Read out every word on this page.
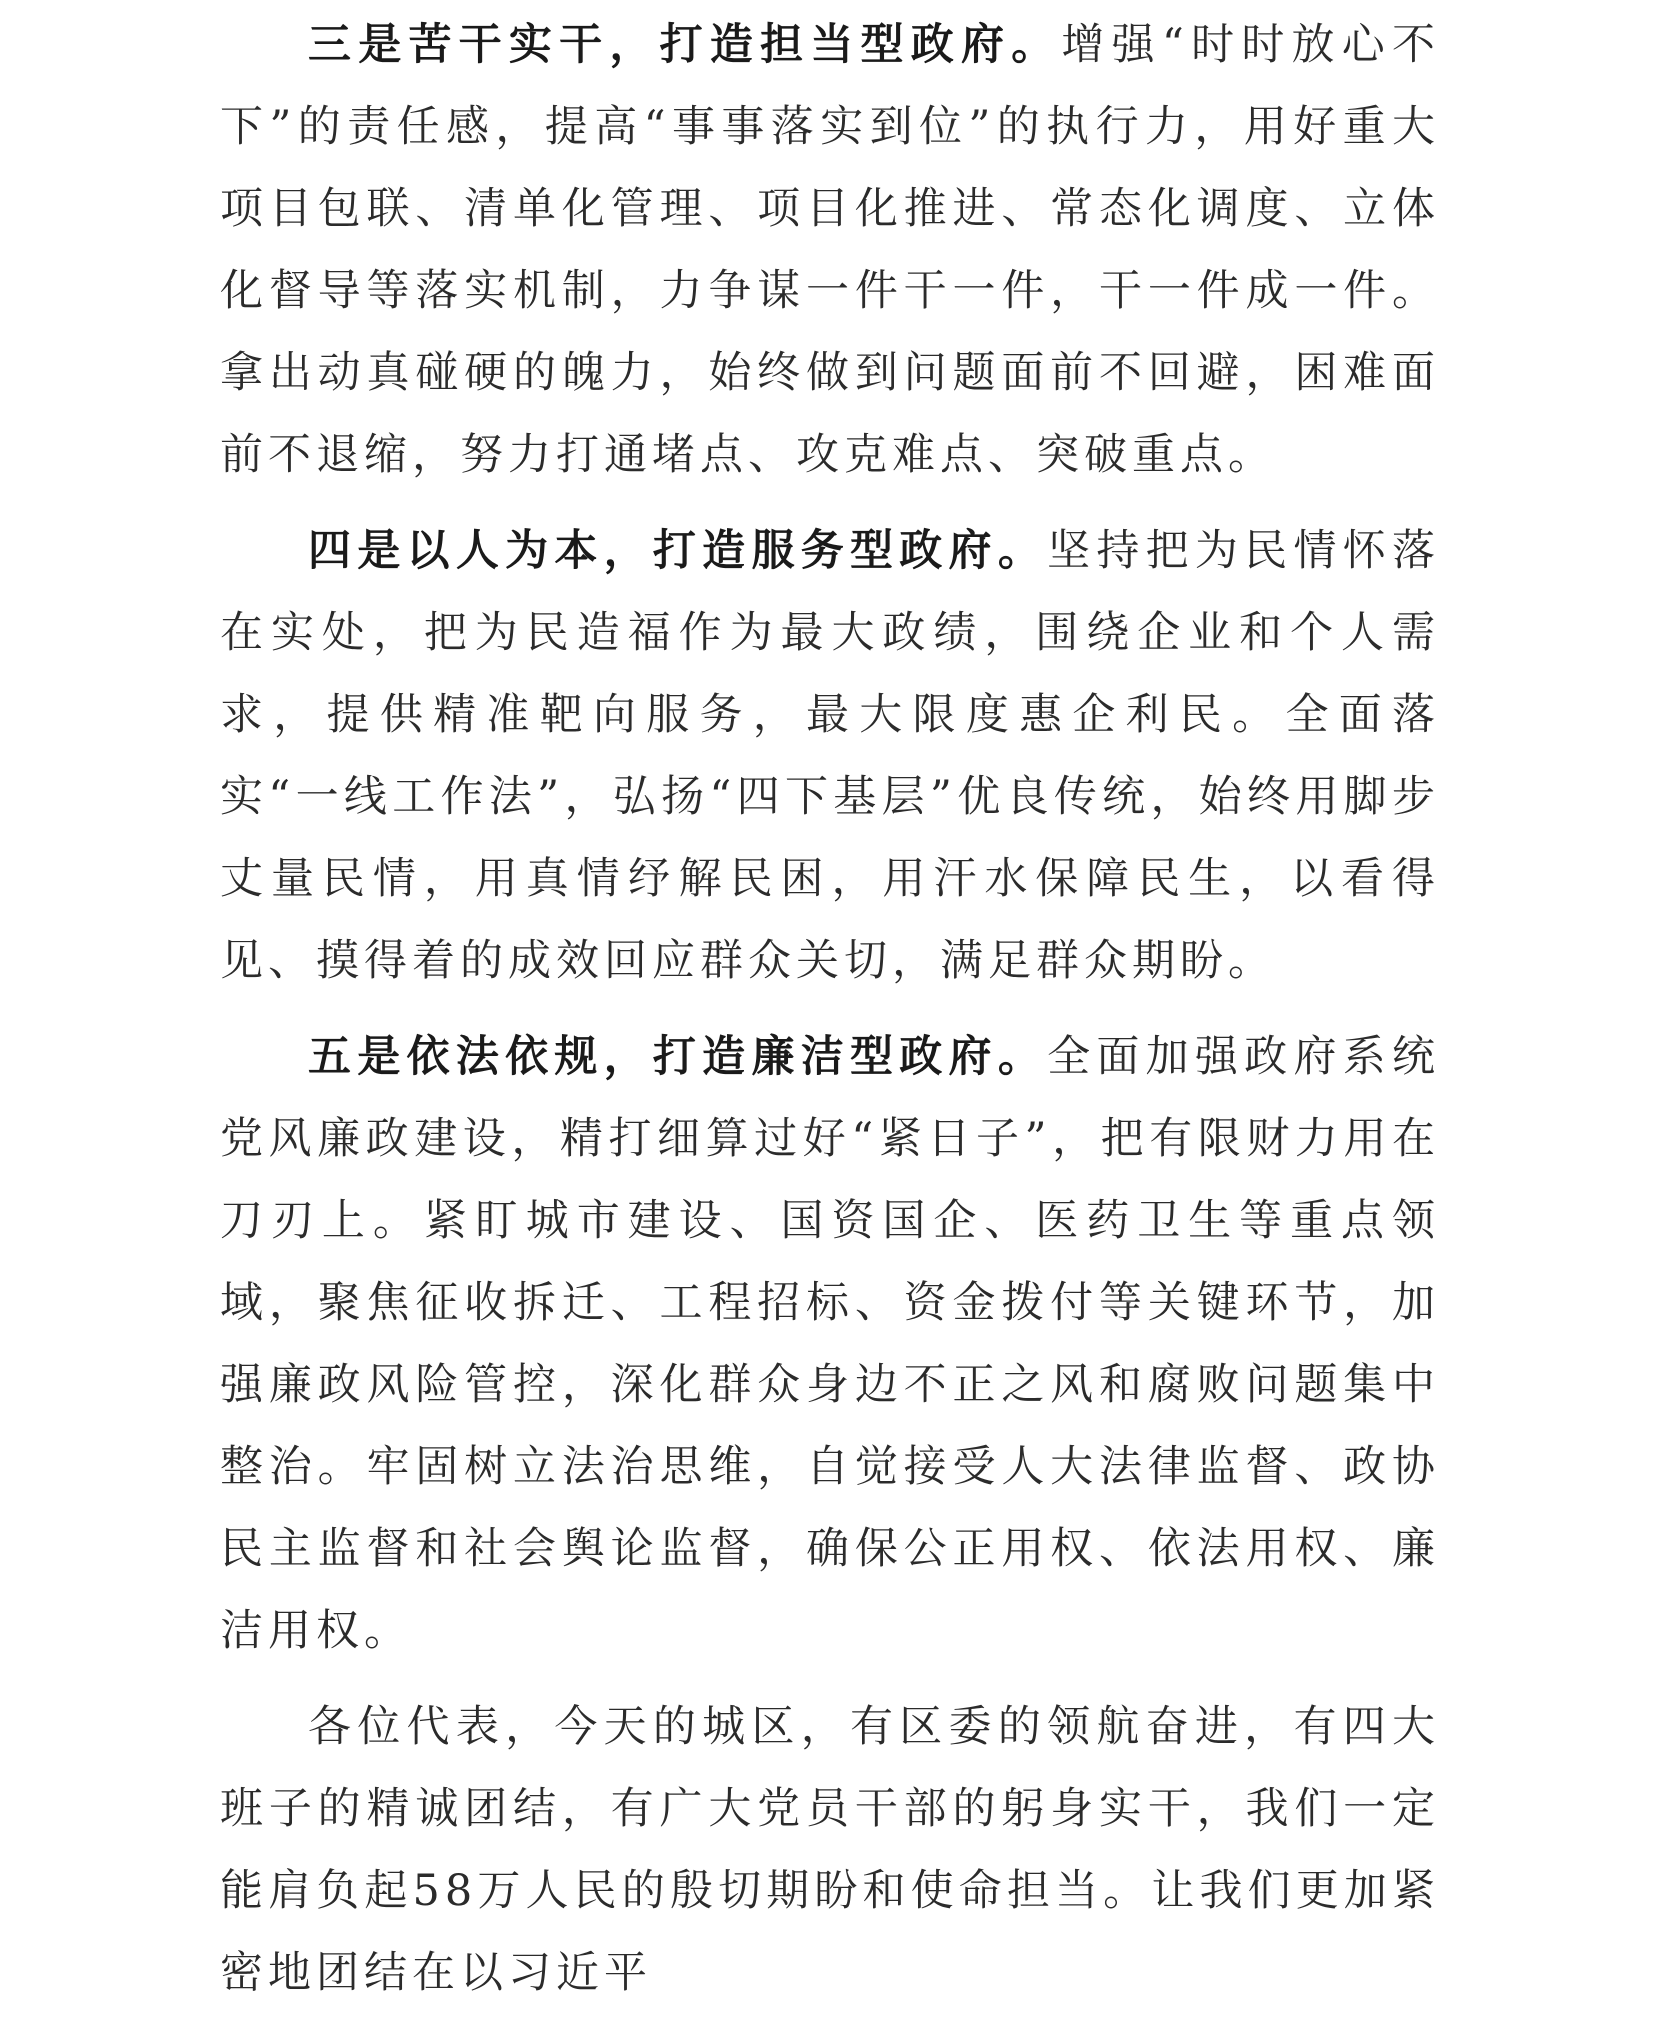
三是苦干实干，打造担当型政府。增强“时时放心不下”的责任感，提高“事事落实到位”的执行力，用好重大项目包联、清单化管理、项目化推进、常态化调度、立体化督导等落实机制，力争谋一件干一件，干一件成一件。拿出动真碰硬的魄力，始终做到问题面前不回避，困难面前不退缩，努力打通堵点、攻克难点、突破重点。

四是以人为本，打造服务型政府。坚持把为民情怀落在实处，把为民造福作为最大政绩，围绕企业和个人需求，提供精准靶向服务，最大限度惠企利民。全面落实“一线工作法”，弘扬“四下基层”优良传统，始终用脚步丈量民情，用真情纾解民困，用汗水保障民生，以看得见、摸得着的成效回应群众关切，满足群众期盼。

五是依法依规，打造廉洁型政府。全面加强政府系统党风廉政建设，精打细算过好“紧日子”，把有限财力用在刀刃上。紧盯城市建设、国资国企、医药卫生等重点领域，聚焦征收拆迁、工程招标、资金拨付等关键环节，加强廉政风险管控，深化群众身边不正之风和腐败问题集中整治。牢固树立法治思维，自觉接受人大法律监督、政协民主监督和社会舆论监督，确保公正用权、依法用权、廉洁用权。

各位代表，今天的城区，有区委的领航奋进，有四大班子的精诚团结，有广大党员干部的躬身实干，我们一定能肩负起58万人民的殷切期盼和使命担当。让我们更加紧密地团结在以习近平
